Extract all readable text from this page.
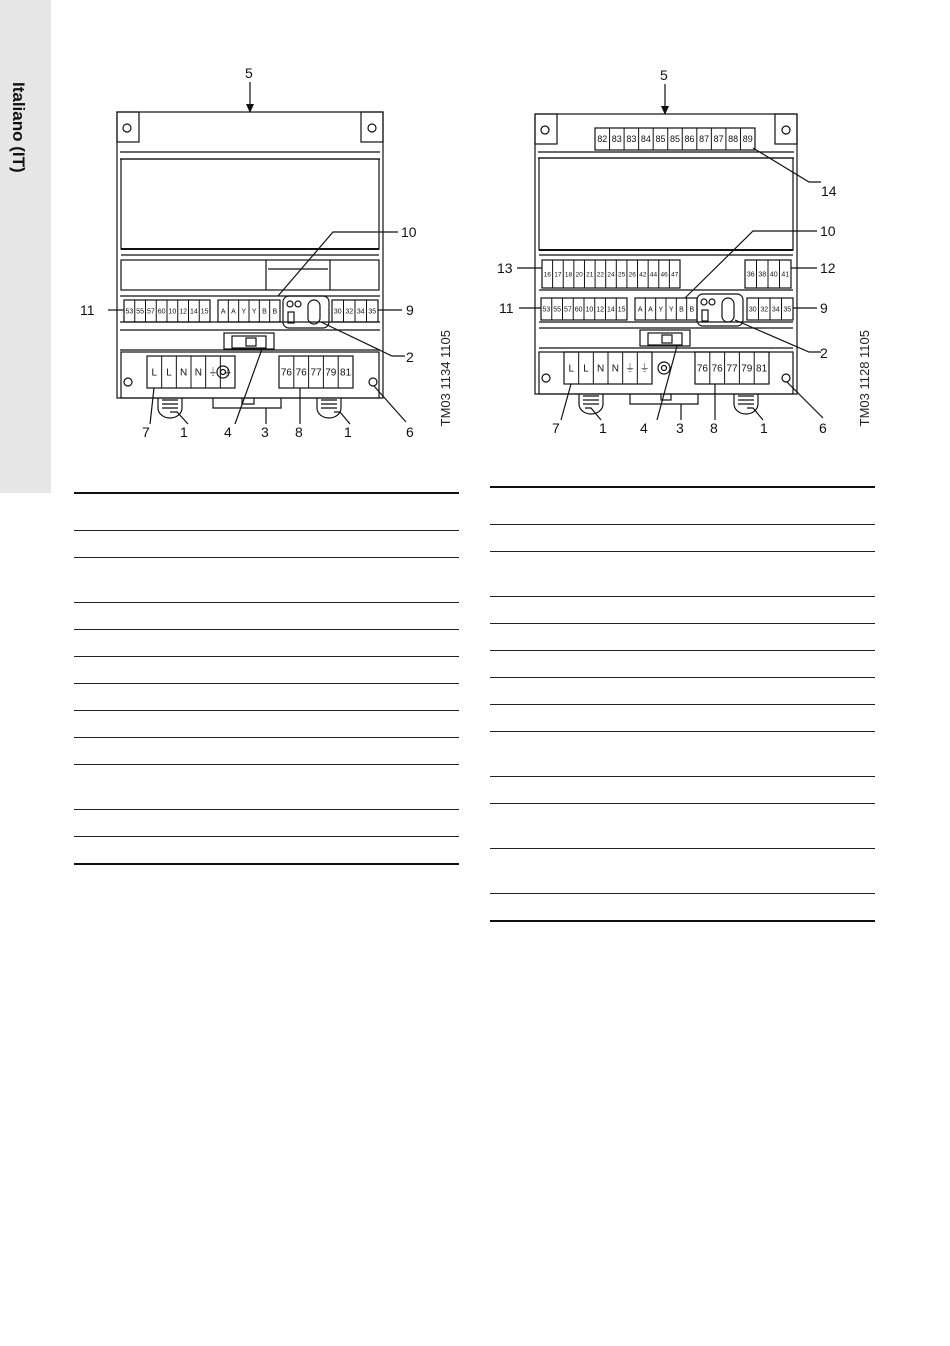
Italiano (IT)
53 55 57 60 10 12 14 15 A A Y Y B B	30 32 34 35
L L N N ⏚ ⏚	76 76 77 79 81
5
10
11	9
2
7 1	4 3 8	1	6
TM03 1134 1105
82 83 83 84 85 85 86 87 87 88 89
16 17 18 20 21 22 24 25 26 42 44 46 47	36 38 40 41
53 55 57 60 10 12 14 15 A A Y Y B B	30 32 34 35
L L N N ⏚ ⏚	76 76 77 79 81
5
14
10
13	12
11	9
2
7	1 4 3 8	1	6
TM03 1128 1105
